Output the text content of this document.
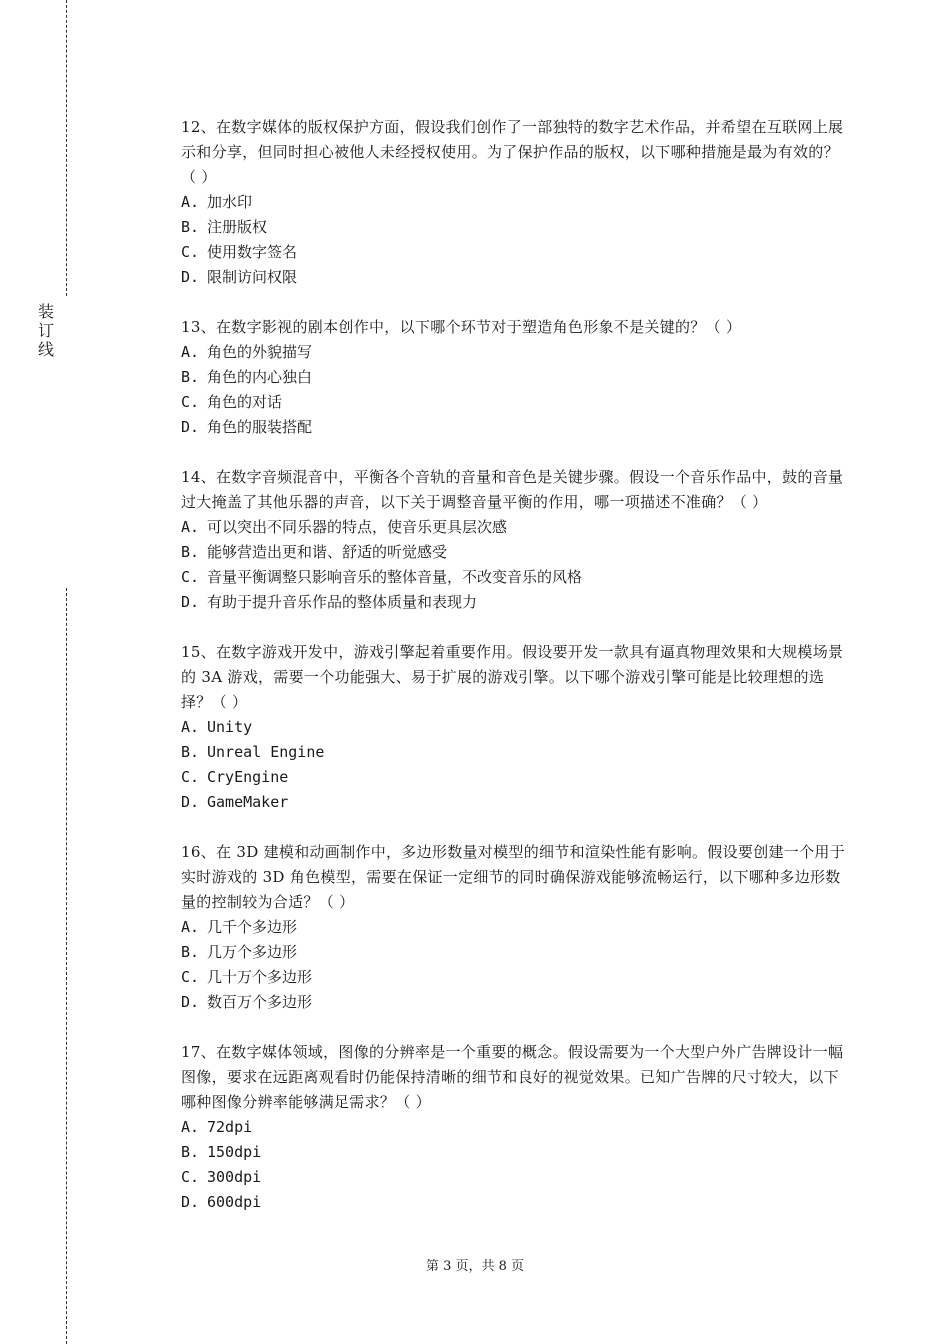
装
订
线

12、在数字媒体的版权保护方面，假设我们创作了一部独特的数字艺术作品，并希望在互联网上展示和分享，但同时担心被他人未经授权使用。为了保护作品的版权，以下哪种措施是最为有效的？（ ）

A. 加水印
B. 注册版权
C. 使用数字签名
D. 限制访问权限

13、在数字影视的剧本创作中，以下哪个环节对于塑造角色形象不是关键的？（ ）

A. 角色的外貌描写
B. 角色的内心独白
C. 角色的对话
D. 角色的服装搭配

14、在数字音频混音中，平衡各个音轨的音量和音色是关键步骤。假设一个音乐作品中，鼓的音量过大掩盖了其他乐器的声音，以下关于调整音量平衡的作用，哪一项描述不准确？（ ）

A. 可以突出不同乐器的特点，使音乐更具层次感
B. 能够营造出更和谐、舒适的听觉感受
C. 音量平衡调整只影响音乐的整体音量，不改变音乐的风格
D. 有助于提升音乐作品的整体质量和表现力

15、在数字游戏开发中，游戏引擎起着重要作用。假设要开发一款具有逼真物理效果和大规模场景的 3A 游戏，需要一个功能强大、易于扩展的游戏引擎。以下哪个游戏引擎可能是比较理想的选择？（ ）

A. Unity
B. Unreal Engine
C. CryEngine
D. GameMaker

16、在 3D 建模和动画制作中，多边形数量对模型的细节和渲染性能有影响。假设要创建一个用于实时游戏的 3D 角色模型，需要在保证一定细节的同时确保游戏能够流畅运行，以下哪种多边形数量的控制较为合适？（ ）

A. 几千个多边形
B. 几万个多边形
C. 几十万个多边形
D. 数百万个多边形

17、在数字媒体领域，图像的分辨率是一个重要的概念。假设需要为一个大型户外广告牌设计一幅图像，要求在远距离观看时仍能保持清晰的细节和良好的视觉效果。已知广告牌的尺寸较大，以下哪种图像分辨率能够满足需求？（ ）

A. 72dpi
B. 150dpi
C. 300dpi
D. 600dpi
第 3 页，共 8 页
